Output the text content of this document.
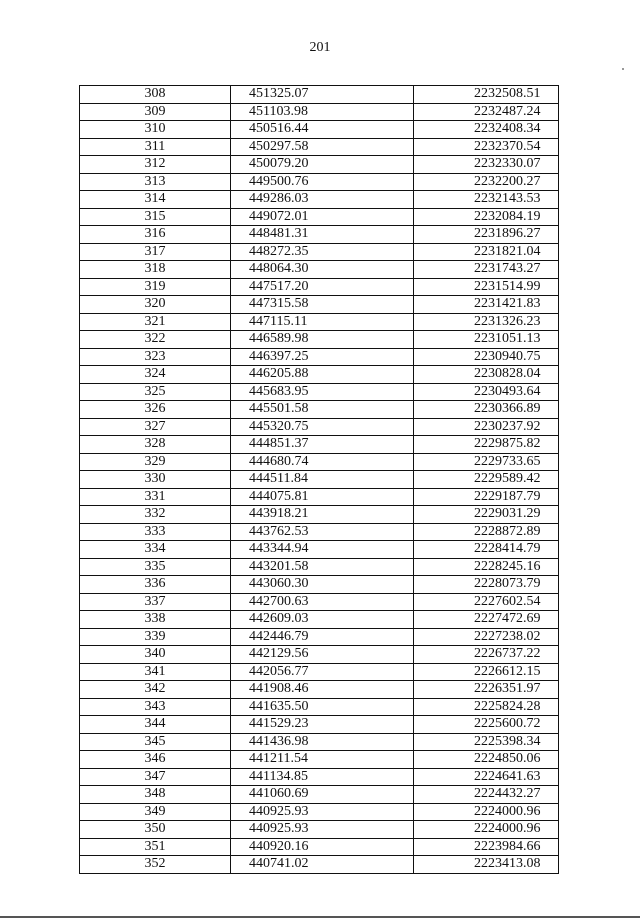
201
308	451325.07	2232508.51
309	451103.98	2232487.24
310	450516.44	2232408.34
311	450297.58	2232370.54
312	450079.20	2232330.07
313	449500.76	2232200.27
314	449286.03	2232143.53
315	449072.01	2232084.19
316	448481.31	2231896.27
317	448272.35	2231821.04
318	448064.30	2231743.27
319	447517.20	2231514.99
320	447315.58	2231421.83
321	447115.11	2231326.23
322	446589.98	2231051.13
323	446397.25	2230940.75
324	446205.88	2230828.04
325	445683.95	2230493.64
326	445501.58	2230366.89
327	445320.75	2230237.92
328	444851.37	2229875.82
329	444680.74	2229733.65
330	444511.84	2229589.42
331	444075.81	2229187.79
332	443918.21	2229031.29
333	443762.53	2228872.89
334	443344.94	2228414.79
335	443201.58	2228245.16
336	443060.30	2228073.79
337	442700.63	2227602.54
338	442609.03	2227472.69
339	442446.79	2227238.02
340	442129.56	2226737.22
341	442056.77	2226612.15
342	441908.46	2226351.97
343	441635.50	2225824.28
344	441529.23	2225600.72
345	441436.98	2225398.34
346	441211.54	2224850.06
347	441134.85	2224641.63
348	441060.69	2224432.27
349	440925.93	2224000.96
350	440925.93	2224000.96
351	440920.16	2223984.66
352	440741.02	2223413.08
